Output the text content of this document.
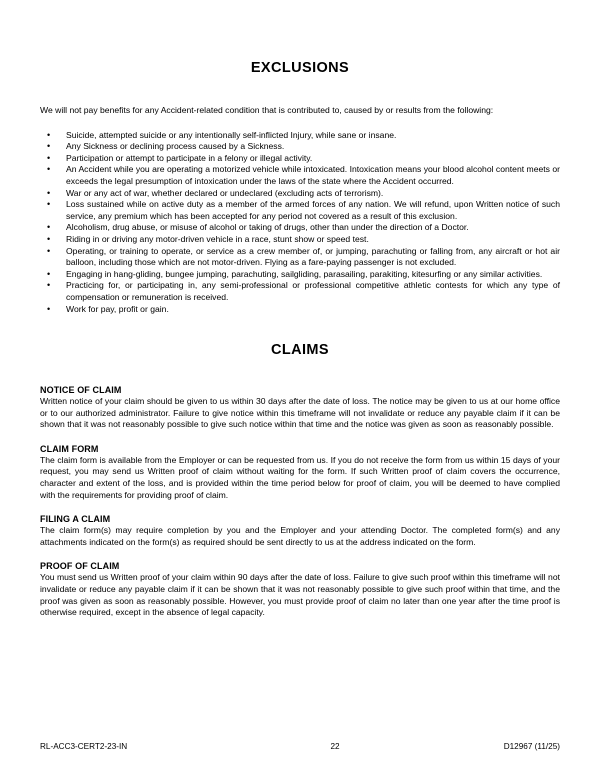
EXCLUSIONS

We will not pay benefits for any Accident-related condition that is contributed to, caused by or results from the following:

• Suicide, attempted suicide or any intentionally self-inflicted Injury, while sane or insane.
• Any Sickness or declining process caused by a Sickness.
• Participation or attempt to participate in a felony or illegal activity.
• An Accident while you are operating a motorized vehicle while intoxicated. Intoxication means your blood alcohol content meets or exceeds the legal presumption of intoxication under the laws of the state where the Accident occurred.
• War or any act of war, whether declared or undeclared (excluding acts of terrorism).
• Loss sustained while on active duty as a member of the armed forces of any nation. We will refund, upon Written notice of such service, any premium which has been accepted for any period not covered as a result of this exclusion.
• Alcoholism, drug abuse, or misuse of alcohol or taking of drugs, other than under the direction of a Doctor.
• Riding in or driving any motor-driven vehicle in a race, stunt show or speed test.
• Operating, or training to operate, or service as a crew member of, or jumping, parachuting or falling from, any aircraft or hot air balloon, including those which are not motor-driven. Flying as a fare-paying passenger is not excluded.
• Engaging in hang-gliding, bungee jumping, parachuting, sailgliding, parasailing, parakiting, kitesurfing or any similar activities.
• Practicing for, or participating in, any semi-professional or professional competitive athletic contests for which any type of compensation or remuneration is received.
• Work for pay, profit or gain.
CLAIMS
NOTICE OF CLAIM

Written notice of your claim should be given to us within 30 days after the date of loss. The notice may be given to us at our home office or to our authorized administrator. Failure to give notice within this timeframe will not invalidate or reduce any payable claim if it can be shown that it was not reasonably possible to give such notice within that time and the notice was given as soon as reasonably possible.

CLAIM FORM

The claim form is available from the Employer or can be requested from us. If you do not receive the form from us within 15 days of your request, you may send us Written proof of claim without waiting for the form. If such Written proof of claim covers the occurrence, character and extent of the loss, and is provided within the time period below for proof of claim, you will be deemed to have complied with the requirements for providing proof of claim.

FILING A CLAIM

The claim form(s) may require completion by you and the Employer and your attending Doctor. The completed form(s) and any attachments indicated on the form(s) as required should be sent directly to us at the address indicated on the form.

PROOF OF CLAIM

You must send us Written proof of your claim within 90 days after the date of loss. Failure to give such proof within this timeframe will not invalidate or reduce any payable claim if it can be shown that it was not reasonably possible to give such proof within that time, and the proof was given as soon as reasonably possible. However, you must provide proof of claim no later than one year after the time proof is otherwise required, except in the absence of legal capacity.

RL-ACC3-CERT2-23-IN	22	D12967 (11/25)
